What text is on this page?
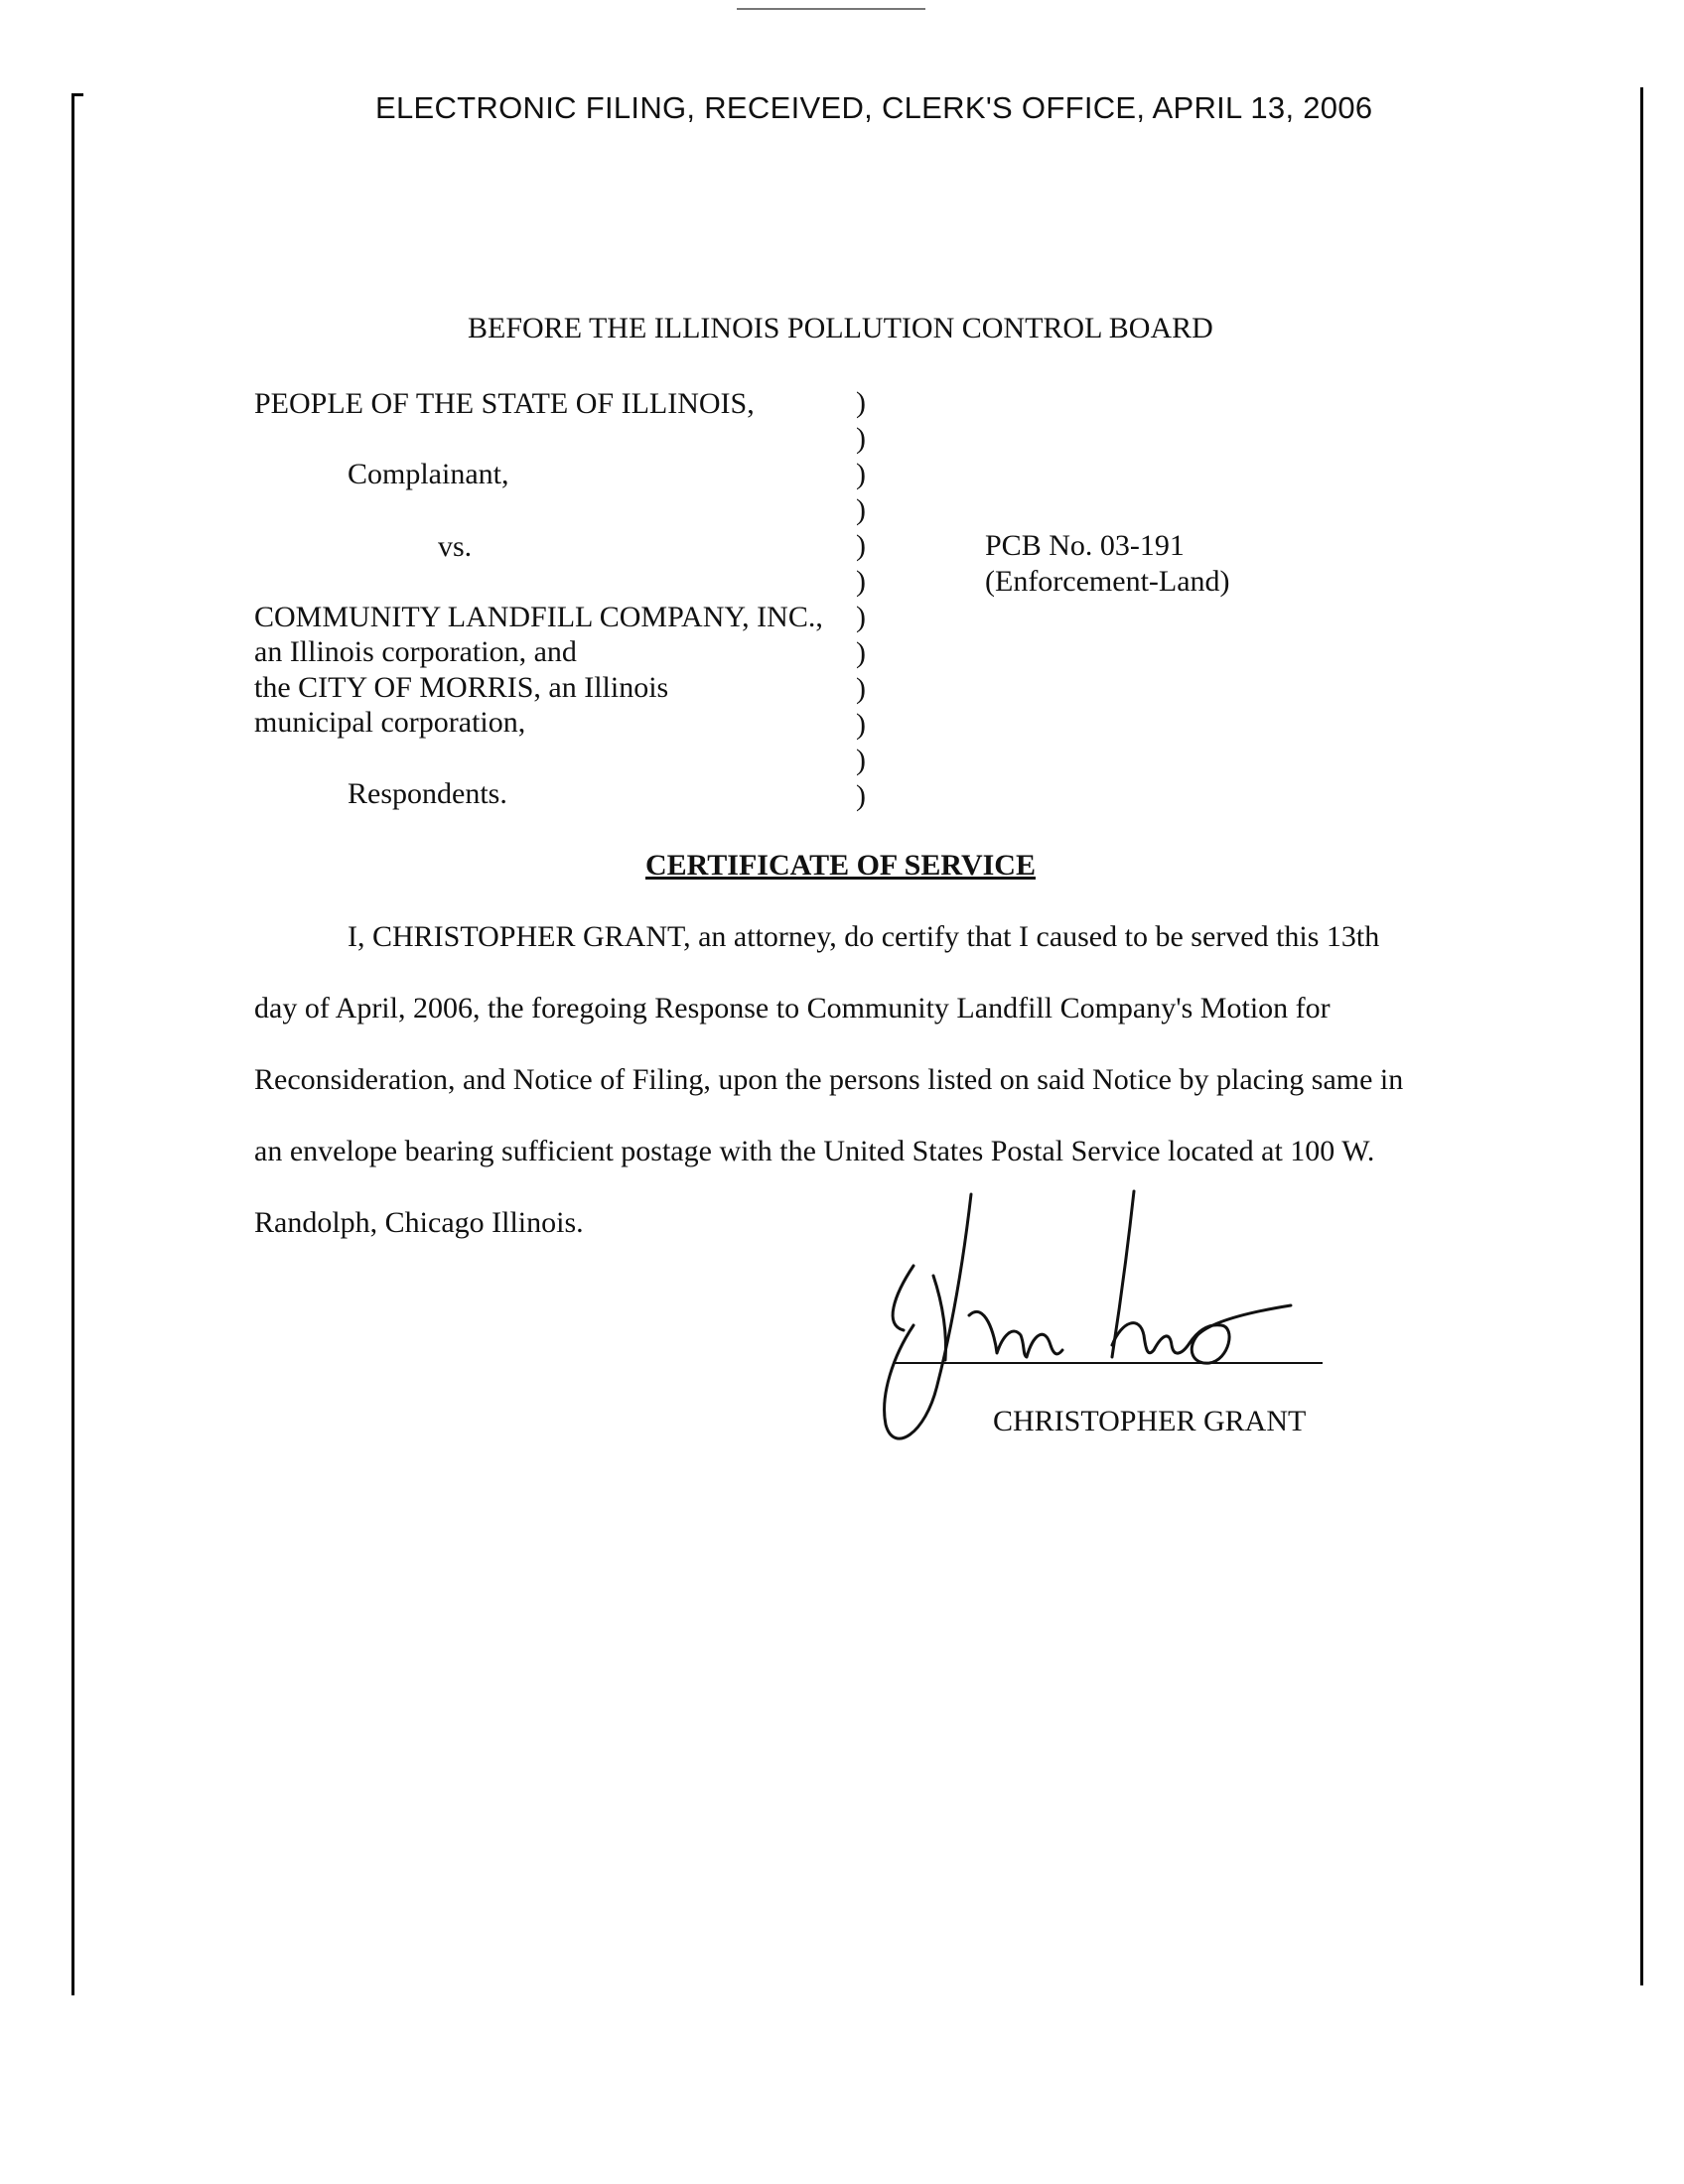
ELECTRONIC FILING, RECEIVED, CLERK'S OFFICE, APRIL 13, 2006
BEFORE THE ILLINOIS POLLUTION CONTROL BOARD
PEOPLE OF THE STATE OF ILLINOIS,
Complainant,
vs.
COMMUNITY LANDFILL COMPANY, INC.,
an Illinois corporation, and
the CITY OF MORRIS, an Illinois
municipal corporation,
Respondents.
)
)
)
)
)
)
)
)
)
)
)
)
PCB No. 03-191
(Enforcement-Land)
CERTIFICATE OF SERVICE
I, CHRISTOPHER GRANT, an attorney, do certify that I caused to be served this 13th
day of April, 2006, the foregoing Response to Community Landfill Company's Motion for
Reconsideration, and Notice of Filing, upon the persons listed on said Notice by placing same in
an envelope bearing sufficient postage with the United States Postal Service located at 100 W.
Randolph, Chicago Illinois.
CHRISTOPHER GRANT
